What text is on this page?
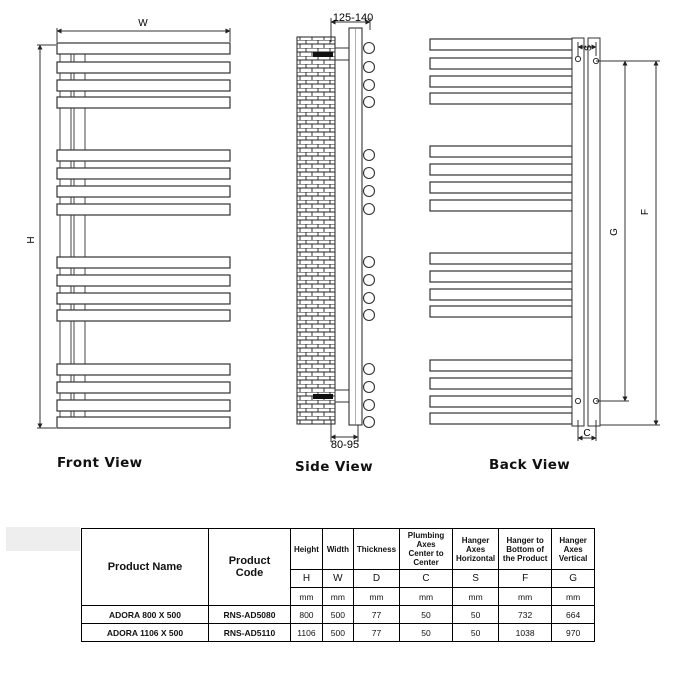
W
H
125-140
80-95
S
G
F
C
Front View	Side View	Back View
Product Name	Product Code	Height	Width	Thickness	Plumbing Axes Center to Center	Hanger Axes Horizontal	Hanger to Bottom of the Product	Hanger Axes Vertical
		H	W	D	C	S	F	G
		mm	mm	mm	mm	mm	mm	mm
ADORA 800 X 500	RNS-AD5080	800	500	77	50	50	732	664
ADORA 1106 X 500	RNS-AD5110	1106	500	77	50	50	1038	970
